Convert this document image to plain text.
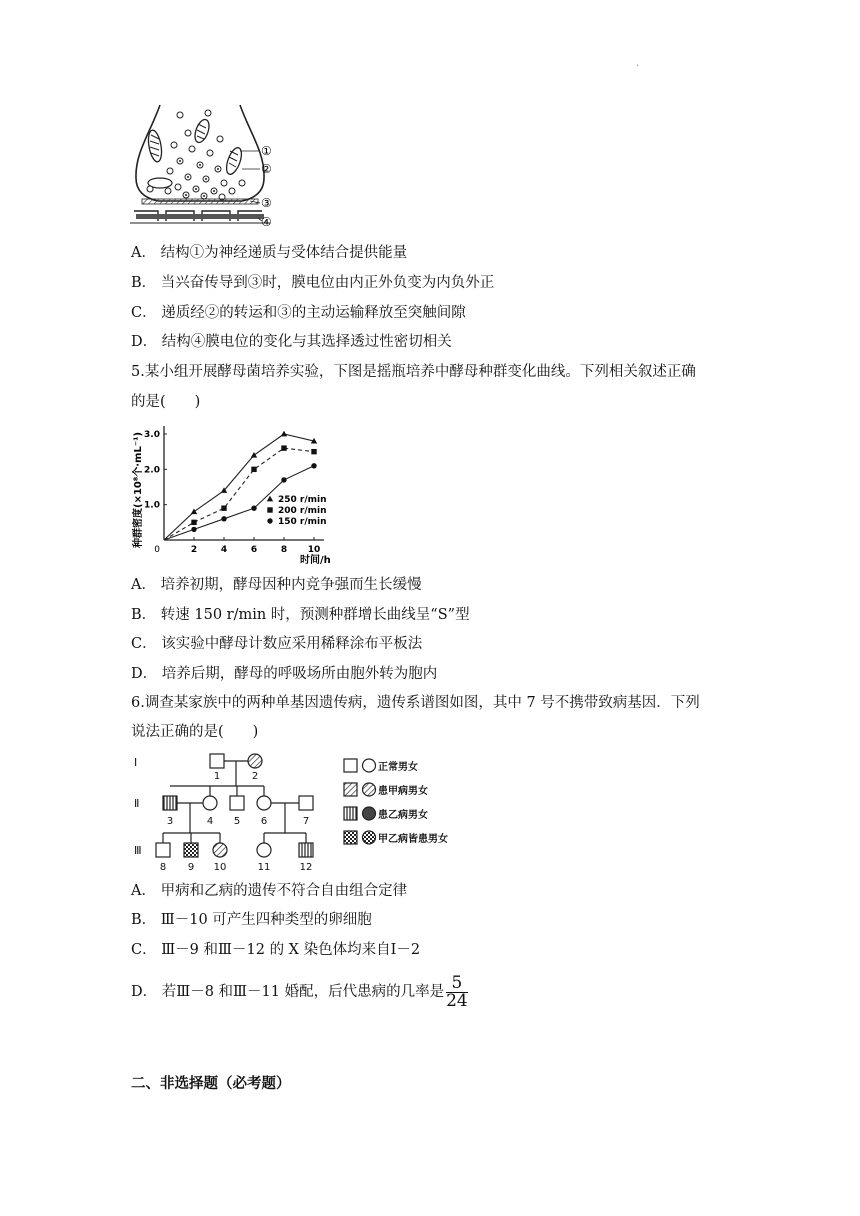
.
①
②
③
④
A． 结构①为神经递质与受体结合提供能量
B． 当兴奋传导到③时，膜电位由内正外负变为内负外正
C． 递质经②的转运和③的主动运输释放至突触间隙
D． 结构④膜电位的变化与其选择透过性密切相关
5.某小组开展酵母菌培养实验，下图是摇瓶培养中酵母种群变化曲线。下列相关叙述正确
的是(　　)
0	2	4	6	8 10
1.0
2.0
3.0
250 r/min
200 r/min
150 r/min
种群密度(×10⁸个·mL⁻¹)
时间/h
A． 培养初期，酵母因种内竞争强而生长缓慢
B． 转速 150 r/min 时，预测种群增长曲线呈“S”型
C． 该实验中酵母计数应采用稀释涂布平板法
D． 培养后期，酵母的呼吸场所由胞外转为胞内
6.调查某家族中的两种单基因遗传病，遗传系谱图如图，其中 7 号不携带致病基因．下列
说法正确的是(　　)
Ⅰ
Ⅱ
Ⅲ
1	2
3	4 5 6	7
8 9 10	11	12
正常男女
患甲病男女
患乙病男女
甲乙病皆患男女
A． 甲病和乙病的遗传不符合自由组合定律
B． Ⅲ－10 可产生四种类型的卵细胞
C． Ⅲ－9 和Ⅲ－12 的 X 染色体均来自Ⅰ－2
D． 若Ⅲ－8 和Ⅲ－11 婚配，后代患病的几率是 $\frac{5}{24}$
二、非选择题（必考题）
